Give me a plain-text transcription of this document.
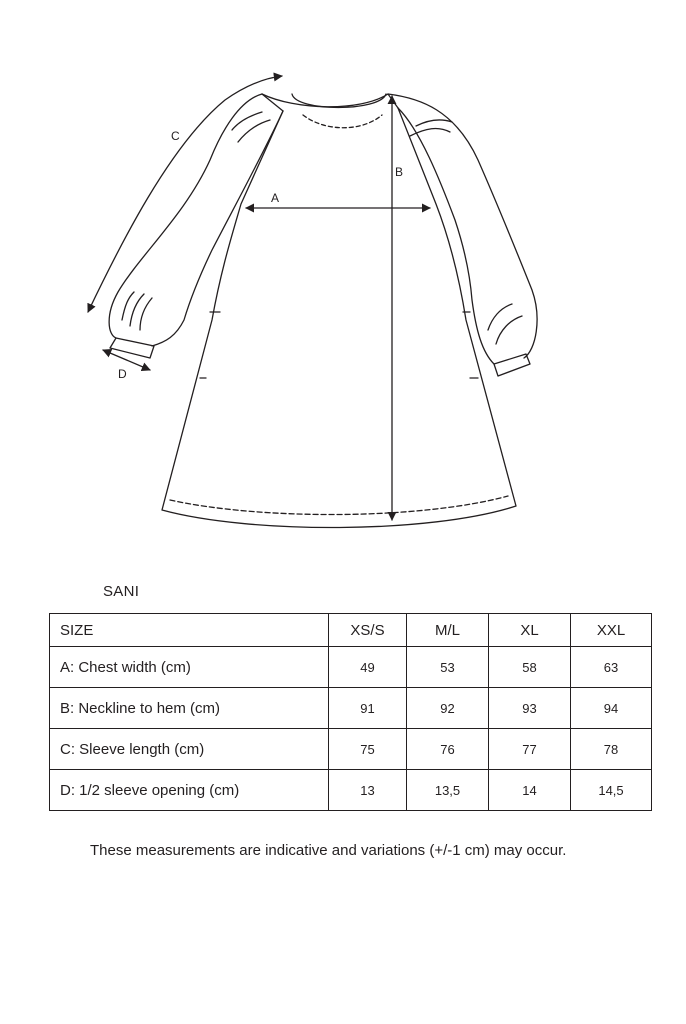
A
B
C
D
SANI
SIZE	XS/S	M/L	XL	XXL
A: Chest width (cm)	49	53	58	63
B: Neckline to hem (cm)	91	92	93	94
C: Sleeve length (cm)	75	76	77	78
D: 1/2 sleeve opening (cm)	13	13,5	14	14,5
These measurements are indicative and variations (+/-1 cm) may occur.
